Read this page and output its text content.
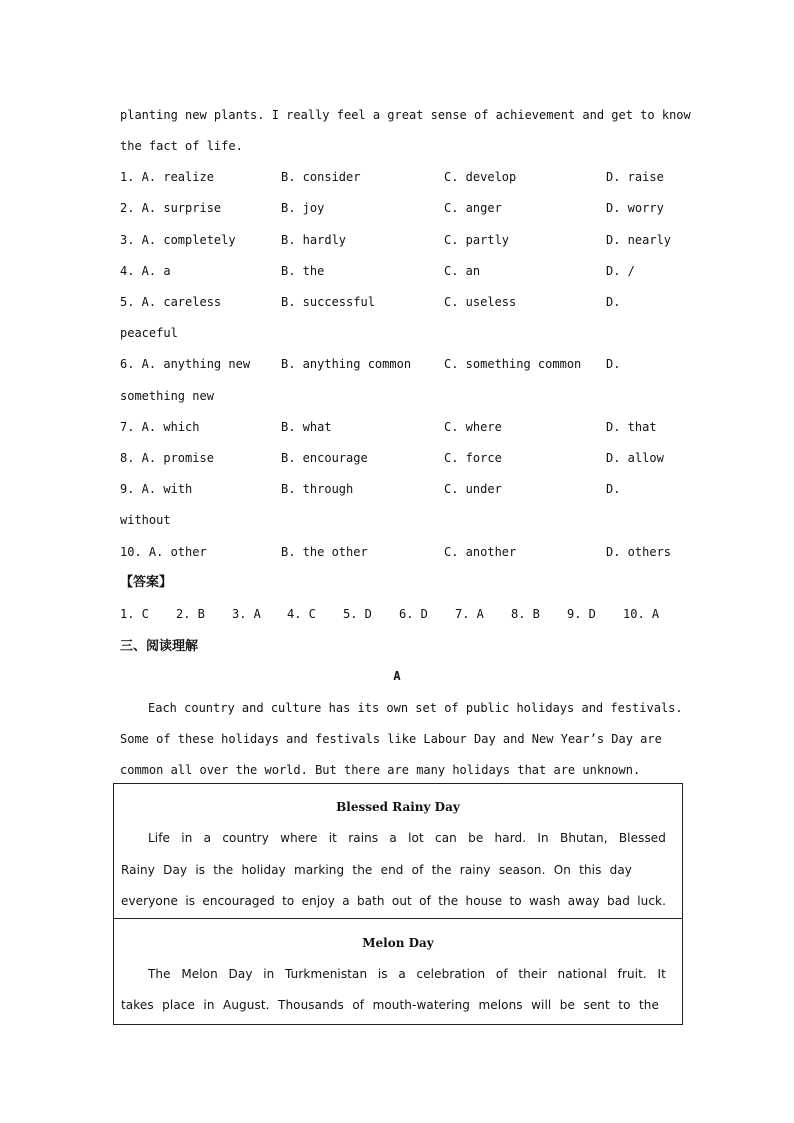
planting new plants. I really feel a great sense of achievement and get to know
the fact of life.
1. A. realize	B. consider	C. develop	D. raise
2. A. surprise	B. joy	C. anger	D. worry
3. A. completely	B. hardly	C. partly	D. nearly
4. A. a	B. the	C. an	D. /
5. A. careless	B. successful	C. useless	D.
peaceful
6. A. anything new	B. anything common	C. something common D.
something new
7. A. which	B. what	C. where	D. that
8. A. promise	B. encourage	C. force	D. allow
9. A. with	B. through	C. under	D.
without
10. A. other	B. the other	C. another	D. others
【答案】
1. C 2. B 3. A 4. C 5. D 6. D 7. A 8. B 9. D 10. A
三、阅读理解
A
Each country and culture has its own set of public holidays and festivals.
Some of these holidays and festivals like Labour Day and New Year’s Day are
common all over the world. But there are many holidays that are unknown.
Blessed Rainy Day
Life in a country where it rains a lot can be hard. In Bhutan, Blessed
Rainy Day is the holiday marking the end of the rainy season. On this day
everyone is encouraged to enjoy a bath out of the house to wash away bad luck.
Melon Day
The Melon Day in Turkmenistan is a celebration of their national fruit. It
takes place in August. Thousands of mouth-watering melons will be sent to the
